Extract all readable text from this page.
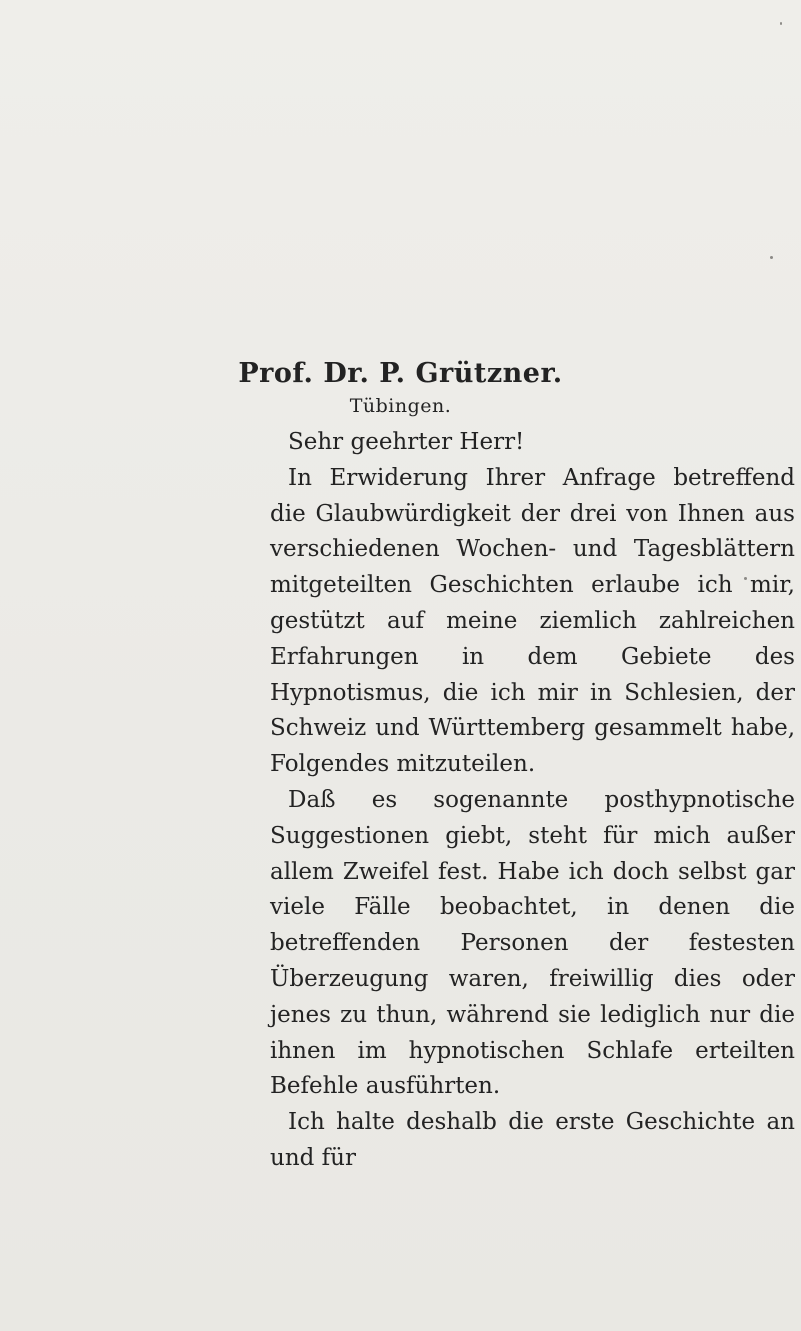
Prof. Dr. P. Grützner.
Tübingen.

Sehr geehrter Herr!

In Erwiderung Ihrer Anfrage betreffend die Glaubwürdigkeit der drei von Ihnen aus verschiedenen Wochen- und Tagesblättern mitgeteilten Geschichten erlaube ich mir, gestützt auf meine ziemlich zahlreichen Erfahrungen in dem Gebiete des Hypnotismus, die ich mir in Schlesien, der Schweiz und Württemberg gesammelt habe, Folgendes mitzuteilen.

Daß es sogenannte posthypnotische Suggestionen giebt, steht für mich außer allem Zweifel fest. Habe ich doch selbst gar viele Fälle beobachtet, in denen die betreffenden Personen der festesten Überzeugung waren, freiwillig dies oder jenes zu thun, während sie lediglich nur die ihnen im hypnotischen Schlafe erteilten Befehle ausführten.

Ich halte deshalb die erste Geschichte an und für
